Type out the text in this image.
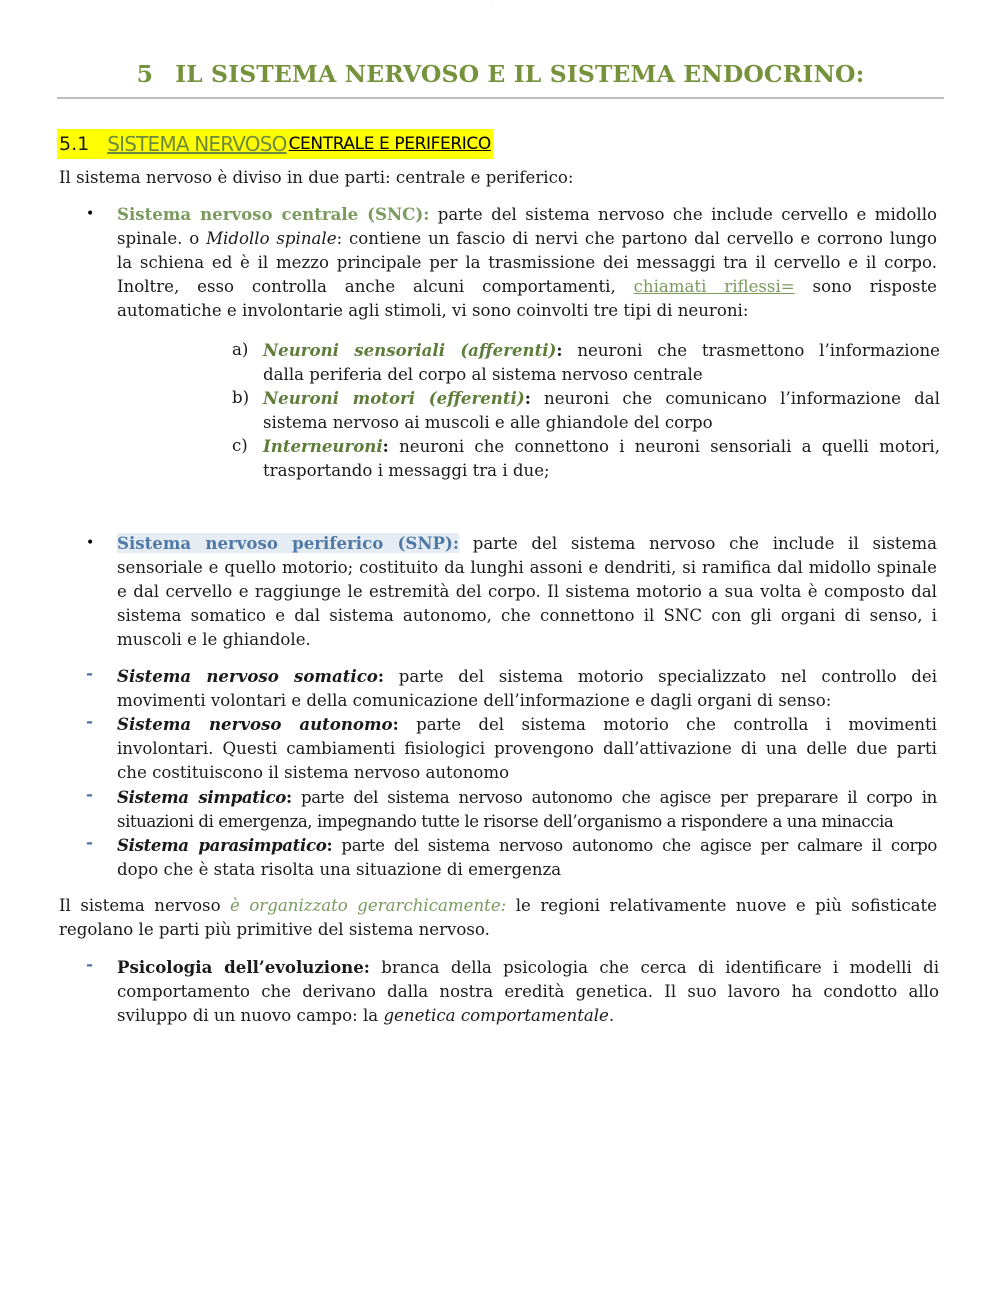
···
5 IL SISTEMA NERVOSO E IL SISTEMA ENDOCRINO:
5.1 SISTEMA NERVOSO CENTRALE E PERIFERICO
Il sistema nervoso è diviso in due parti: centrale e periferico:
• Sistema nervoso centrale (SNC): parte del sistema nervoso che include cervello e midollo
spinale. o Midollo spinale: contiene un fascio di nervi che partono dal cervello e corrono lungo
la schiena ed è il mezzo principale per la trasmissione dei messaggi tra il cervello e il corpo.
Inoltre, esso controlla anche alcuni comportamenti, chiamati riflessi= sono risposte
automatiche e involontarie agli stimoli, vi sono coinvolti tre tipi di neuroni:
a) Neuroni sensoriali (afferenti): neuroni che trasmettono l’informazione
dalla periferia del corpo al sistema nervoso centrale
b) Neuroni motori (efferenti): neuroni che comunicano l’informazione dal
sistema nervoso ai muscoli e alle ghiandole del corpo
c) Interneuroni: neuroni che connettono i neuroni sensoriali a quelli motori,
trasportando i messaggi tra i due;
• Sistema nervoso periferico (SNP): parte del sistema nervoso che include il sistema
sensoriale e quello motorio; costituito da lunghi assoni e dendriti, si ramifica dal midollo spinale
e dal cervello e raggiunge le estremità del corpo. Il sistema motorio a sua volta è composto dal
sistema somatico e dal sistema autonomo, che connettono il SNC con gli organi di senso, i
muscoli e le ghiandole.
- Sistema nervoso somatico: parte del sistema motorio specializzato nel controllo dei
movimenti volontari e della comunicazione dell’informazione e dagli organi di senso:
- Sistema nervoso autonomo: parte del sistema motorio che controlla i movimenti
involontari. Questi cambiamenti fisiologici provengono dall’attivazione di una delle due parti
che costituiscono il sistema nervoso autonomo
- Sistema simpatico: parte del sistema nervoso autonomo che agisce per preparare il corpo in
situazioni di emergenza, impegnando tutte le risorse dell’organismo a rispondere a una minaccia
- Sistema parasimpatico: parte del sistema nervoso autonomo che agisce per calmare il corpo
dopo che è stata risolta una situazione di emergenza
Il sistema nervoso è organizzato gerarchicamente: le regioni relativamente nuove e più sofisticate
regolano le parti più primitive del sistema nervoso.
- Psicologia dell’evoluzione: branca della psicologia che cerca di identificare i modelli di
comportamento che derivano dalla nostra eredità genetica. Il suo lavoro ha condotto allo
sviluppo di un nuovo campo: la genetica comportamentale.
